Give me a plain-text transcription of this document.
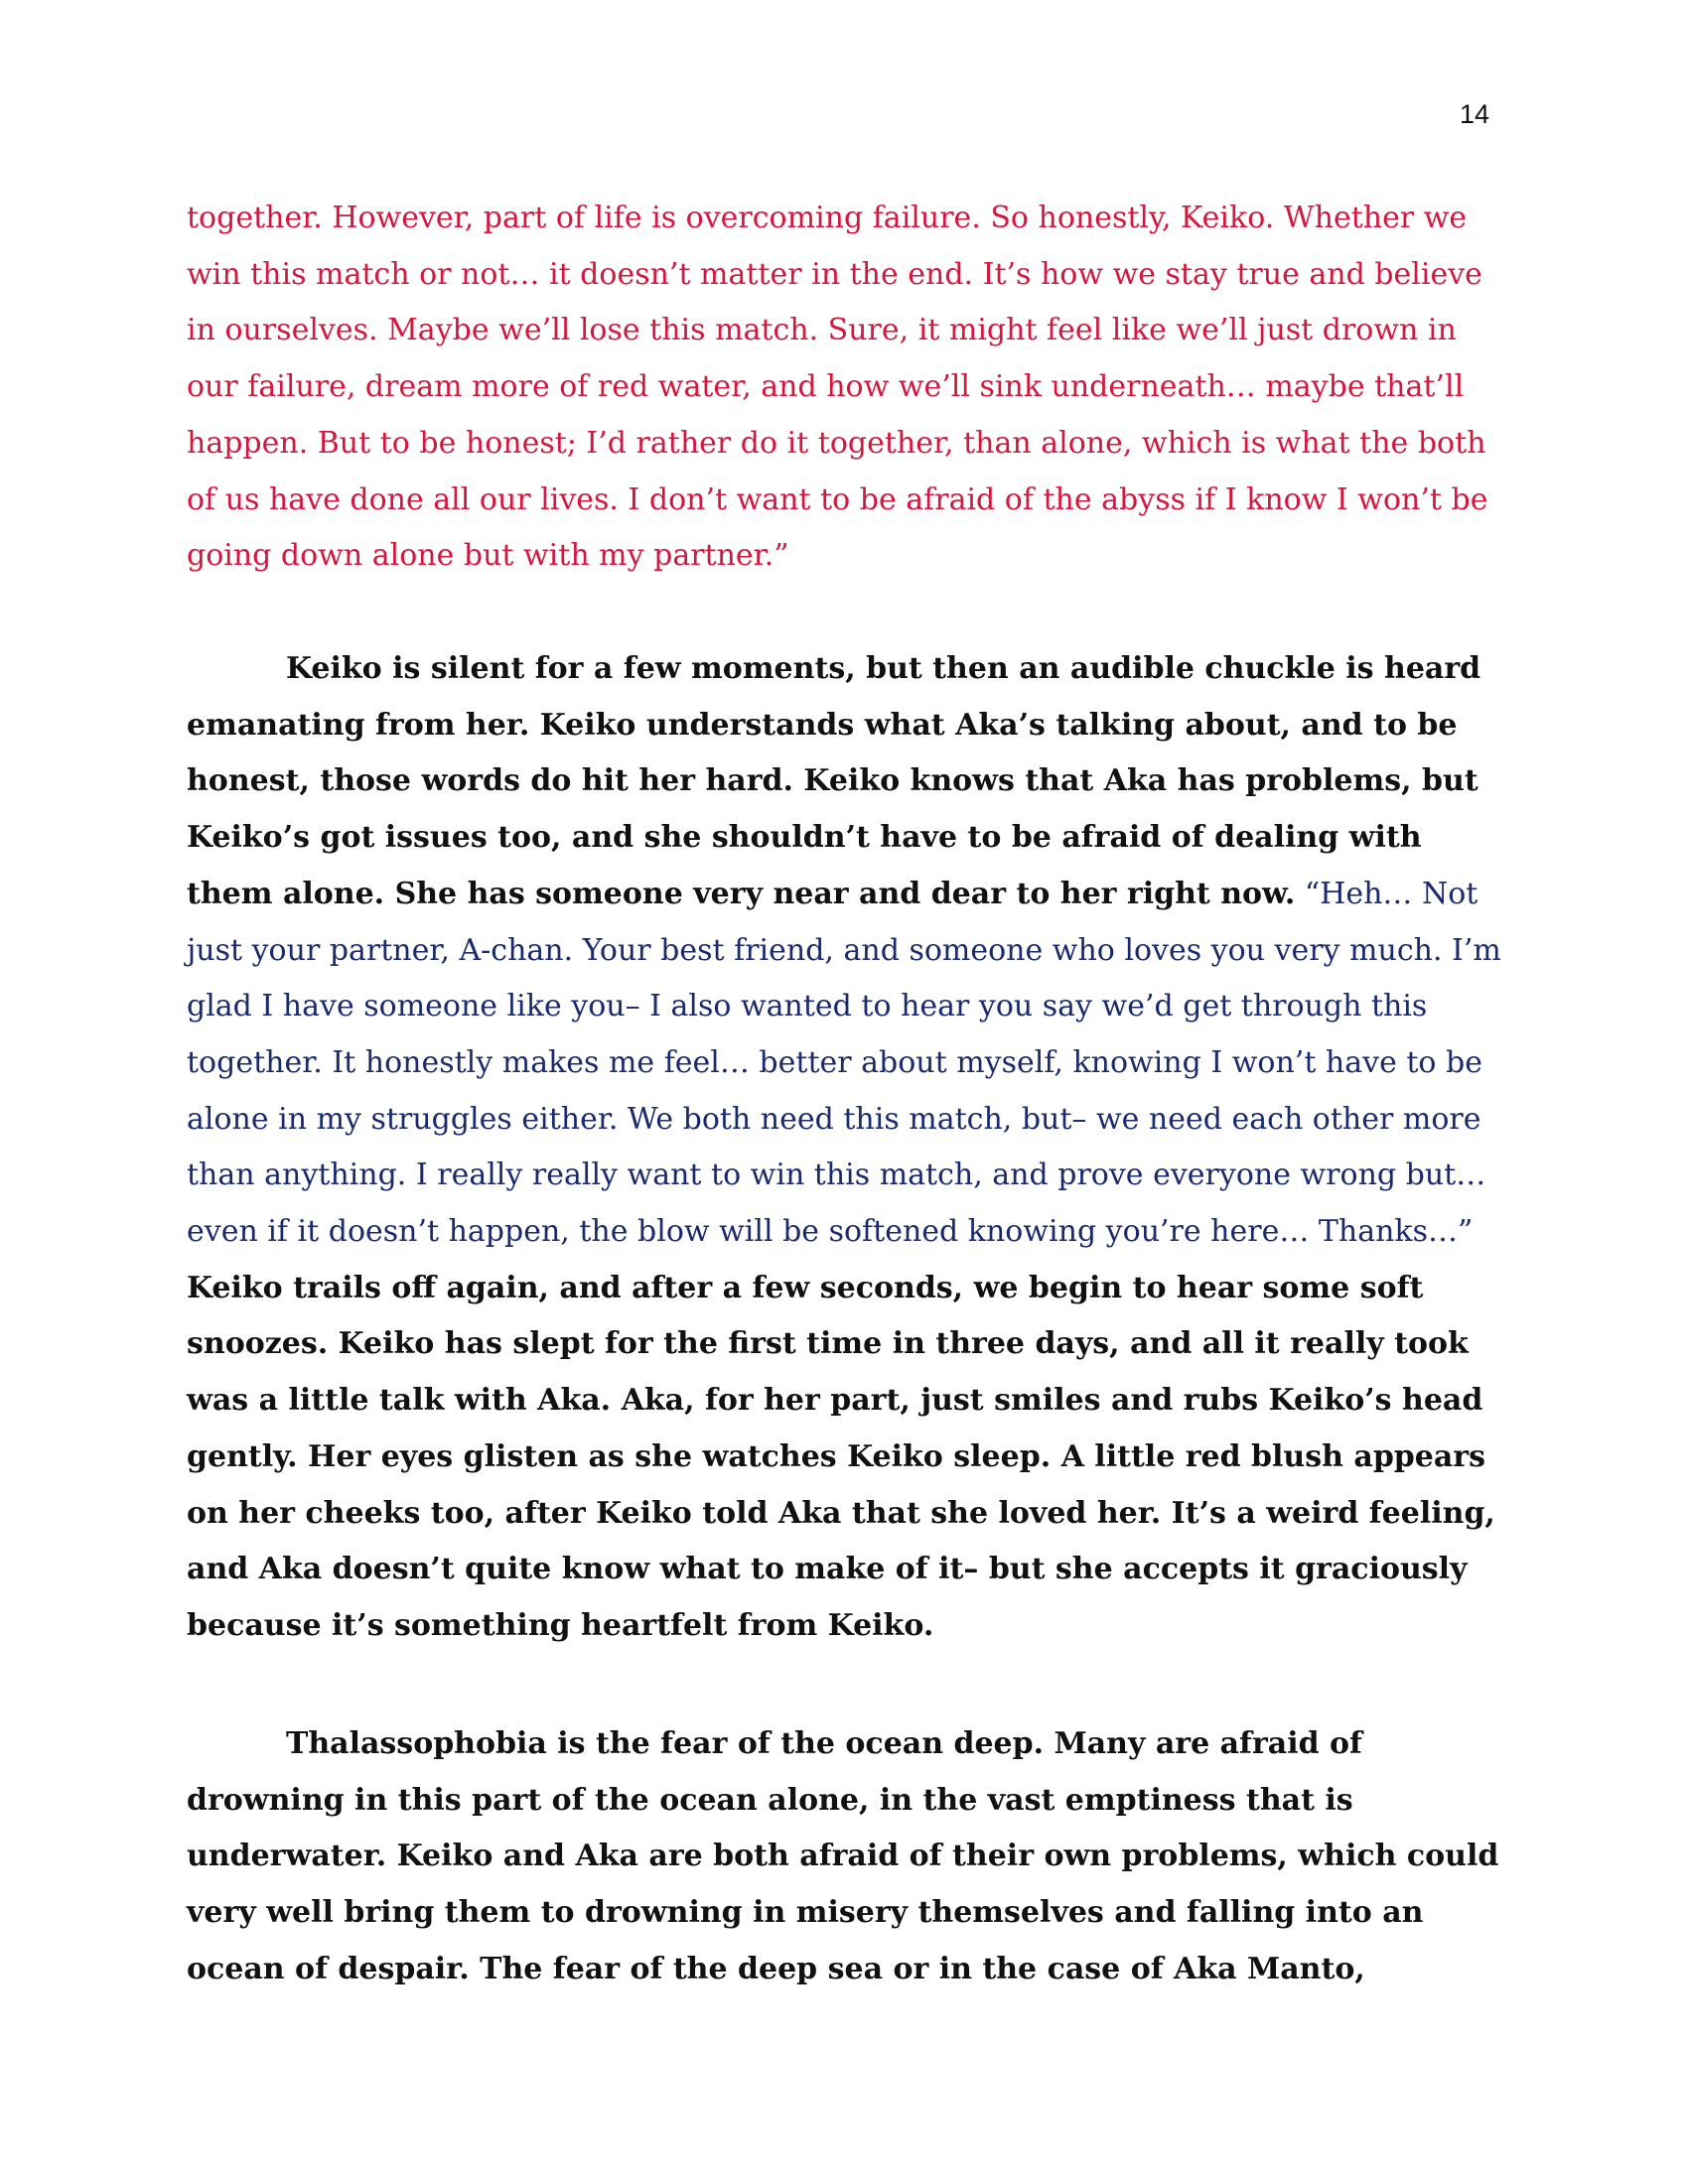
14

together. However, part of life is overcoming failure. So honestly, Keiko. Whether we win this match or not… it doesn’t matter in the end. It’s how we stay true and believe in ourselves. Maybe we’ll lose this match. Sure, it might feel like we’ll just drown in our failure, dream more of red water, and how we’ll sink underneath… maybe that’ll happen. But to be honest; I’d rather do it together, than alone, which is what the both of us have done all our lives. I don’t want to be afraid of the abyss if I know I won’t be going down alone but with my partner.”

Keiko is silent for a few moments, but then an audible chuckle is heard emanating from her. Keiko understands what Aka’s talking about, and to be honest, those words do hit her hard. Keiko knows that Aka has problems, but Keiko’s got issues too, and she shouldn’t have to be afraid of dealing with them alone. She has someone very near and dear to her right now. “Heh… Not just your partner, A-chan. Your best friend, and someone who loves you very much. I’m glad I have someone like you– I also wanted to hear you say we’d get through this together. It honestly makes me feel… better about myself, knowing I won’t have to be alone in my struggles either. We both need this match, but– we need each other more than anything. I really really want to win this match, and prove everyone wrong but… even if it doesn’t happen, the blow will be softened knowing you’re here… Thanks…” Keiko trails off again, and after a few seconds, we begin to hear some soft snoozes. Keiko has slept for the first time in three days, and all it really took was a little talk with Aka. Aka, for her part, just smiles and rubs Keiko’s head gently. Her eyes glisten as she watches Keiko sleep. A little red blush appears on her cheeks too, after Keiko told Aka that she loved her. It’s a weird feeling, and Aka doesn’t quite know what to make of it– but she accepts it graciously because it’s something heartfelt from Keiko.

Thalassophobia is the fear of the ocean deep. Many are afraid of drowning in this part of the ocean alone, in the vast emptiness that is underwater. Keiko and Aka are both afraid of their own problems, which could very well bring them to drowning in misery themselves and falling into an ocean of despair. The fear of the deep sea or in the case of Aka Manto,
